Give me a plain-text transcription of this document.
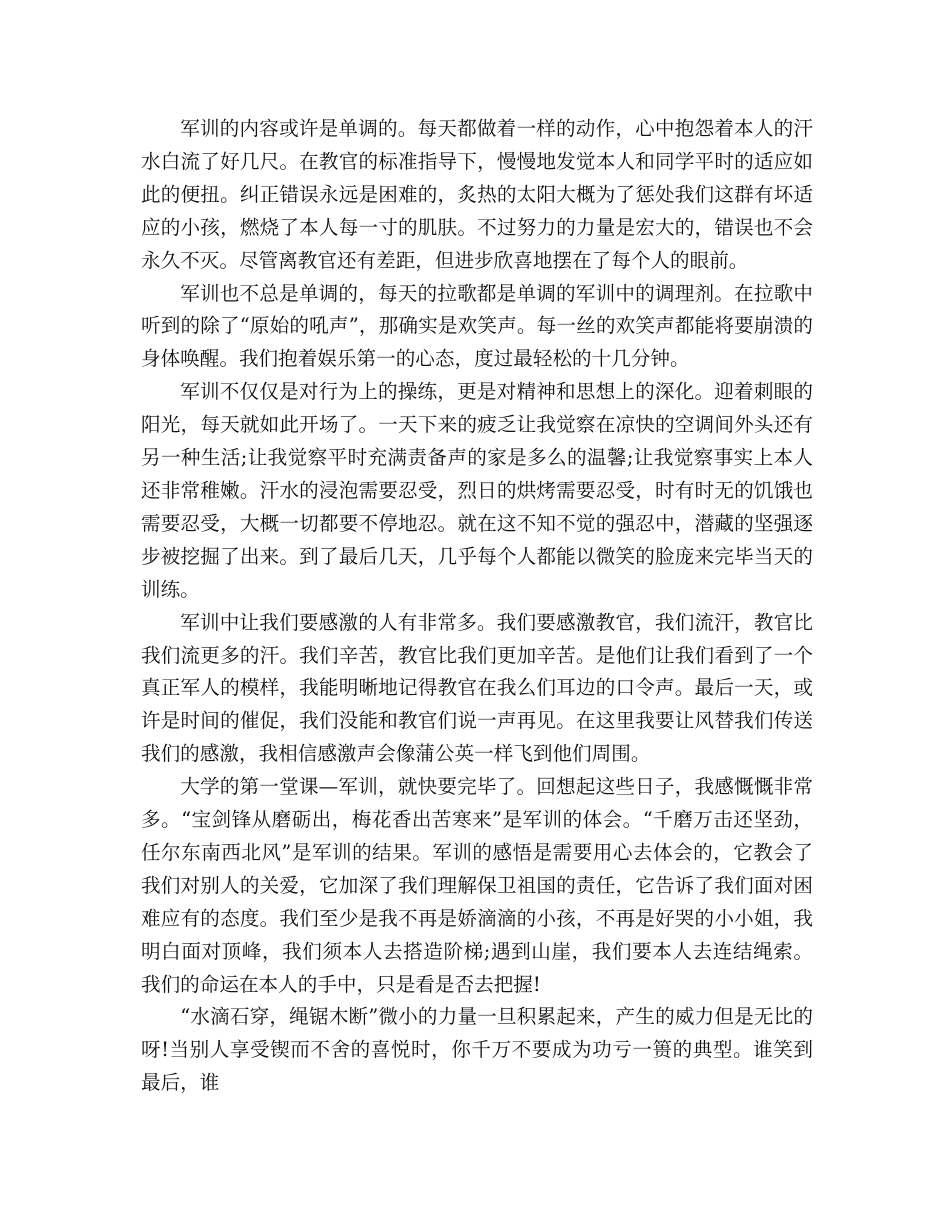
军训的内容或许是单调的。每天都做着一样的动作，心中抱怨着本人的汗水白流了好几尺。在教官的标准指导下，慢慢地发觉本人和同学平时的适应如此的便扭。纠正错误永远是困难的，炙热的太阳大概为了惩处我们这群有坏适应的小孩，燃烧了本人每一寸的肌肤。不过努力的力量是宏大的，错误也不会永久不灭。尽管离教官还有差距，但进步欣喜地摆在了每个人的眼前。

军训也不总是单调的，每天的拉歌都是单调的军训中的调理剂。在拉歌中听到的除了“原始的吼声”，那确实是欢笑声。每一丝的欢笑声都能将要崩溃的身体唤醒。我们抱着娱乐第一的心态，度过最轻松的十几分钟。

军训不仅仅是对行为上的操练，更是对精神和思想上的深化。迎着刺眼的阳光，每天就如此开场了。一天下来的疲乏让我觉察在凉快的空调间外头还有另一种生活;让我觉察平时充满责备声的家是多么的温馨;让我觉察事实上本人还非常稚嫩。汗水的浸泡需要忍受，烈日的烘烤需要忍受，时有时无的饥饿也需要忍受，大概一切都要不停地忍。就在这不知不觉的强忍中，潜藏的坚强逐步被挖掘了出来。到了最后几天，几乎每个人都能以微笑的脸庞来完毕当天的训练。

军训中让我们要感激的人有非常多。我们要感激教官，我们流汗，教官比我们流更多的汗。我们辛苦，教官比我们更加辛苦。是他们让我们看到了一个真正军人的模样，我能明晰地记得教官在我么们耳边的口令声。最后一天，或许是时间的催促，我们没能和教官们说一声再见。在这里我要让风替我们传送我们的感激，我相信感激声会像蒲公英一样飞到他们周围。

大学的第一堂课—军训，就快要完毕了。回想起这些日子，我感慨慨非常多。“宝剑锋从磨砺出，梅花香出苦寒来”是军训的体会。“千磨万击还坚劲，任尔东南西北风”是军训的结果。军训的感悟是需要用心去体会的，它教会了我们对别人的关爱，它加深了我们理解保卫祖国的责任，它告诉了我们面对困难应有的态度。我们至少是我不再是娇滴滴的小孩，不再是好哭的小小姐，我明白面对顶峰，我们须本人去搭造阶梯;遇到山崖，我们要本人去连结绳索。我们的命运在本人的手中，只是看是否去把握!

“水滴石穿，绳锯木断”微小的力量一旦积累起来，产生的威力但是无比的呀!当别人享受锲而不舍的喜悦时，你千万不要成为功亏一篑的典型。谁笑到最后，谁
